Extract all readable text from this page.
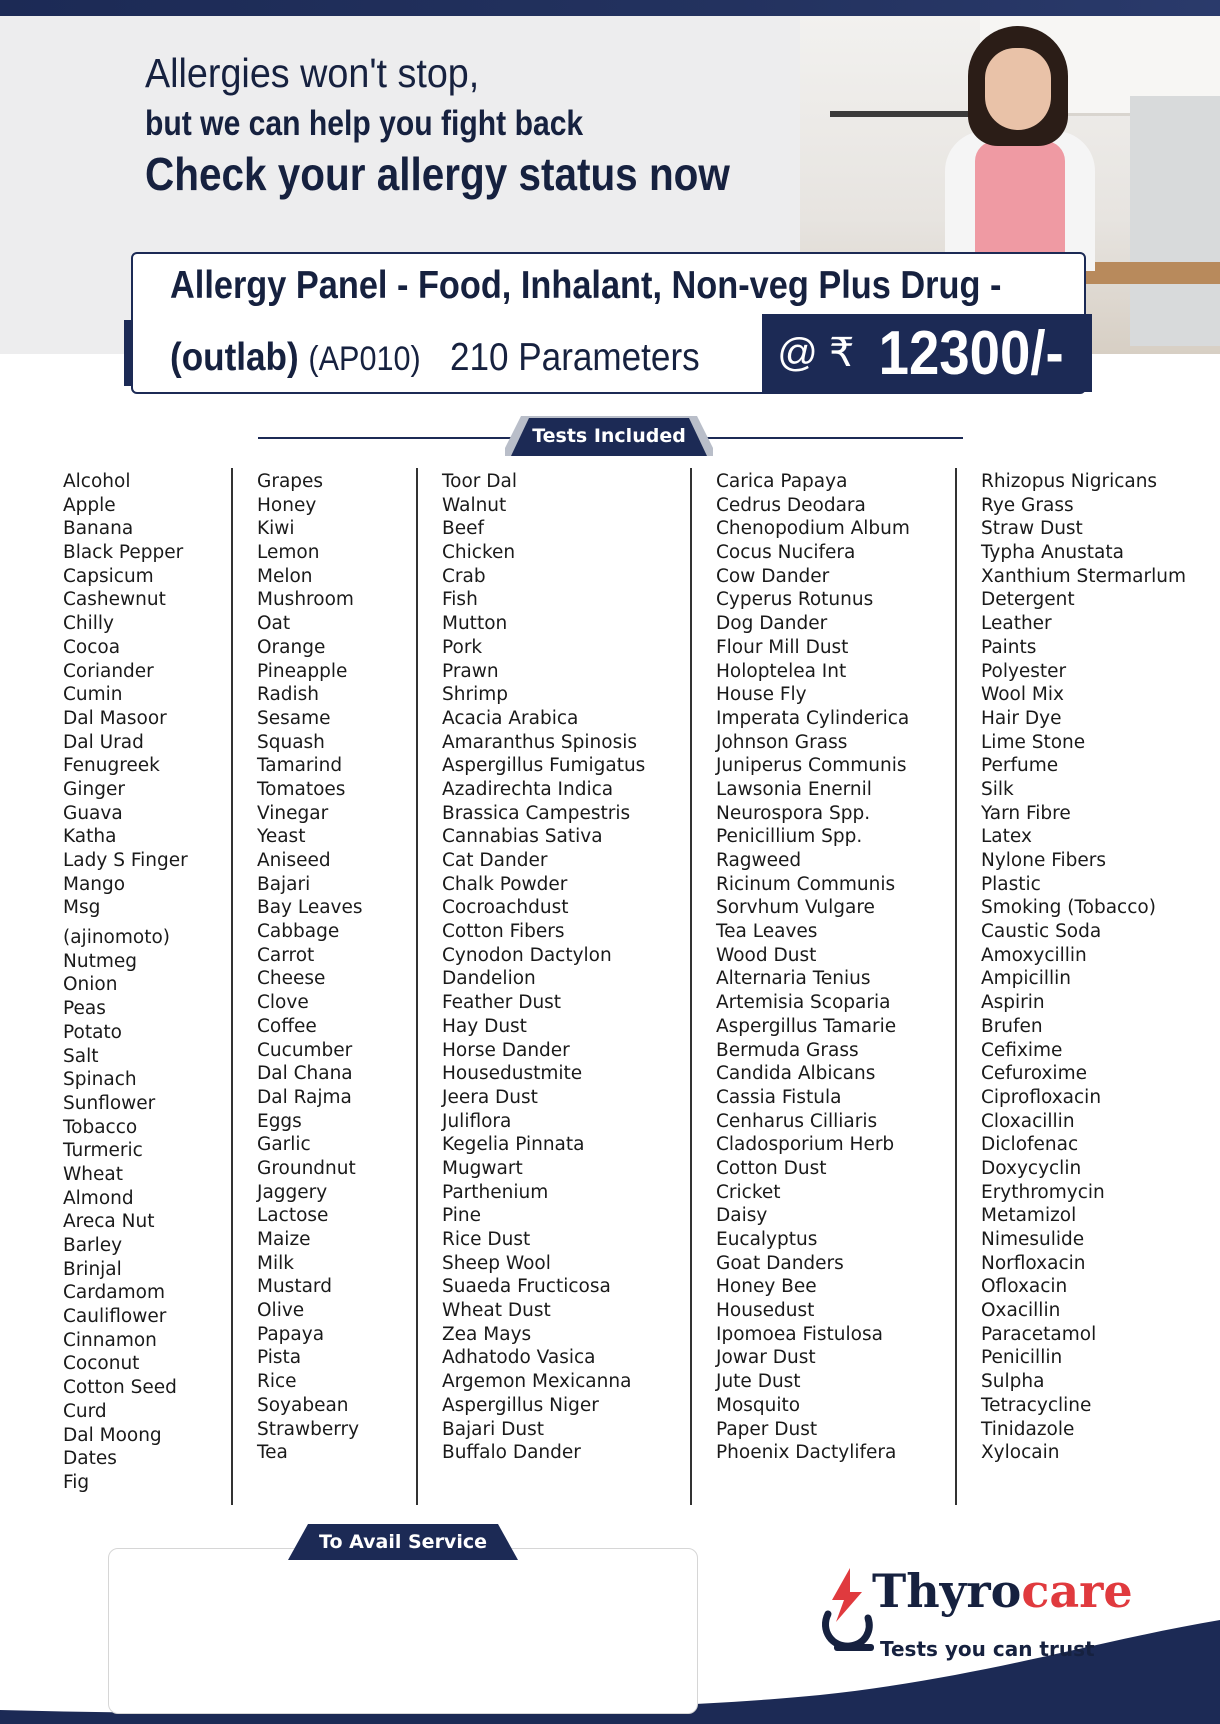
Allergies won't stop,
but we can help you fight back
Check your allergy status now
Allergy Panel - Food, Inhalant, Non-veg Plus Drug -
(outlab) (AP010) 210 Parameters @ ₹ 12300/-
Tests Included
Alcohol
Apple
Banana
Black Pepper
Capsicum
Cashewnut
Chilly
Cocoa
Coriander
Cumin
Dal Masoor
Dal Urad
Fenugreek
Ginger
Guava
Katha
Lady S Finger
Mango
Msg
(ajinomoto)
Nutmeg
Onion
Peas
Potato
Salt
Spinach
Sunflower
Tobacco
Turmeric
Wheat
Almond
Areca Nut
Barley
Brinjal
Cardamom
Cauliflower
Cinnamon
Coconut
Cotton Seed
Curd
Dal Moong
Dates
Fig
Grapes
Honey
Kiwi
Lemon
Melon
Mushroom
Oat
Orange
Pineapple
Radish
Sesame
Squash
Tamarind
Tomatoes
Vinegar
Yeast
Aniseed
Bajari
Bay Leaves
Cabbage
Carrot
Cheese
Clove
Coffee
Cucumber
Dal Chana
Dal Rajma
Eggs
Garlic
Groundnut
Jaggery
Lactose
Maize
Milk
Mustard
Olive
Papaya
Pista
Rice
Soyabean
Strawberry
Tea
Toor Dal
Walnut
Beef
Chicken
Crab
Fish
Mutton
Pork
Prawn
Shrimp
Acacia Arabica
Amaranthus Spinosis
Aspergillus Fumigatus
Azadirechta Indica
Brassica Campestris
Cannabias Sativa
Cat Dander
Chalk Powder
Cocroachdust
Cotton Fibers
Cynodon Dactylon
Dandelion
Feather Dust
Hay Dust
Horse Dander
Housedustmite
Jeera Dust
Juliflora
Kegelia Pinnata
Mugwart
Parthenium
Pine
Rice Dust
Sheep Wool
Suaeda Fructicosa
Wheat Dust
Zea Mays
Adhatodo Vasica
Argemon Mexicanna
Aspergillus Niger
Bajari Dust
Buffalo Dander
Carica Papaya
Cedrus Deodara
Chenopodium Album
Cocus Nucifera
Cow Dander
Cyperus Rotunus
Dog Dander
Flour Mill Dust
Holoptelea Int
House Fly
Imperata Cylinderica
Johnson Grass
Juniperus Communis
Lawsonia Enernil
Neurospora Spp.
Penicillium Spp.
Ragweed
Ricinum Communis
Sorvhum Vulgare
Tea Leaves
Wood Dust
Alternaria Tenius
Artemisia Scoparia
Aspergillus Tamarie
Bermuda Grass
Candida Albicans
Cassia Fistula
Cenharus Cilliaris
Cladosporium Herb
Cotton Dust
Cricket
Daisy
Eucalyptus
Goat Danders
Honey Bee
Housedust
Ipomoea Fistulosa
Jowar Dust
Jute Dust
Mosquito
Paper Dust
Phoenix Dactylifera
Rhizopus Nigricans
Rye Grass
Straw Dust
Typha Anustata
Xanthium Stermarlum
Detergent
Leather
Paints
Polyester
Wool Mix
Hair Dye
Lime Stone
Perfume
Silk
Yarn Fibre
Latex
Nylone Fibers
Plastic
Smoking (Tobacco)
Caustic Soda
Amoxycillin
Ampicillin
Aspirin
Brufen
Cefixime
Cefuroxime
Ciprofloxacin
Cloxacillin
Diclofenac
Doxycyclin
Erythromycin
Metamizol
Nimesulide
Norfloxacin
Ofloxacin
Oxacillin
Paracetamol
Penicillin
Sulpha
Tetracycline
Tinidazole
Xylocain
To Avail Service
Thyrocare
Tests you can trust
